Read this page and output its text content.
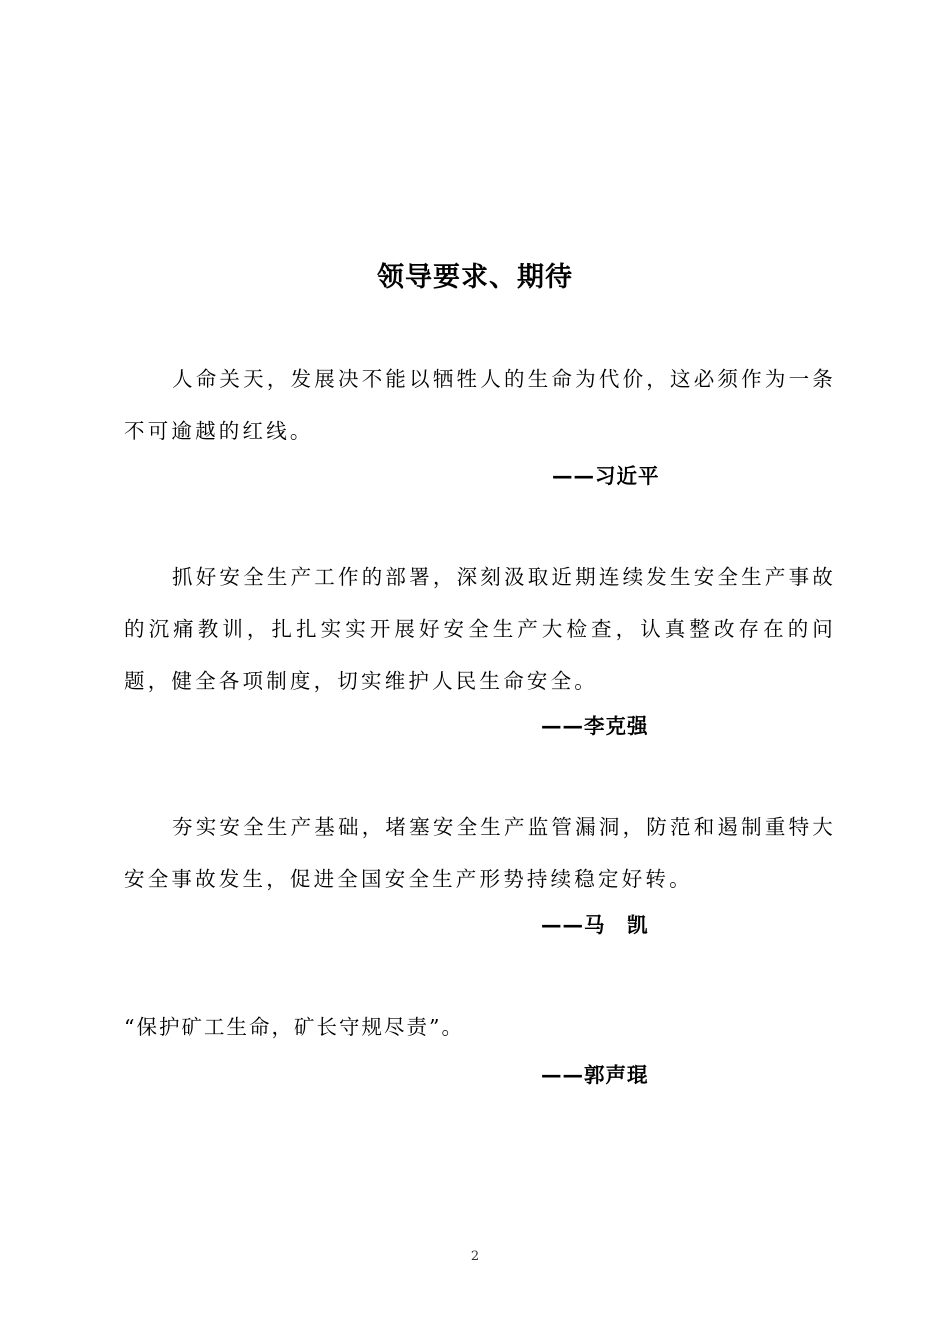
领导要求、期待

人命关天，发展决不能以牺牲人的生命为代价，这必须作为一条不可逾越的红线。

——习近平

抓好安全生产工作的部署，深刻汲取近期连续发生安全生产事故的沉痛教训，扎扎实实开展好安全生产大检查，认真整改存在的问题，健全各项制度，切实维护人民生命安全。

——李克强

夯实安全生产基础，堵塞安全生产监管漏洞，防范和遏制重特大安全事故发生，促进全国安全生产形势持续稳定好转。

——马　凯

“保护矿工生命，矿长守规尽责”。

——郭声琨
2
